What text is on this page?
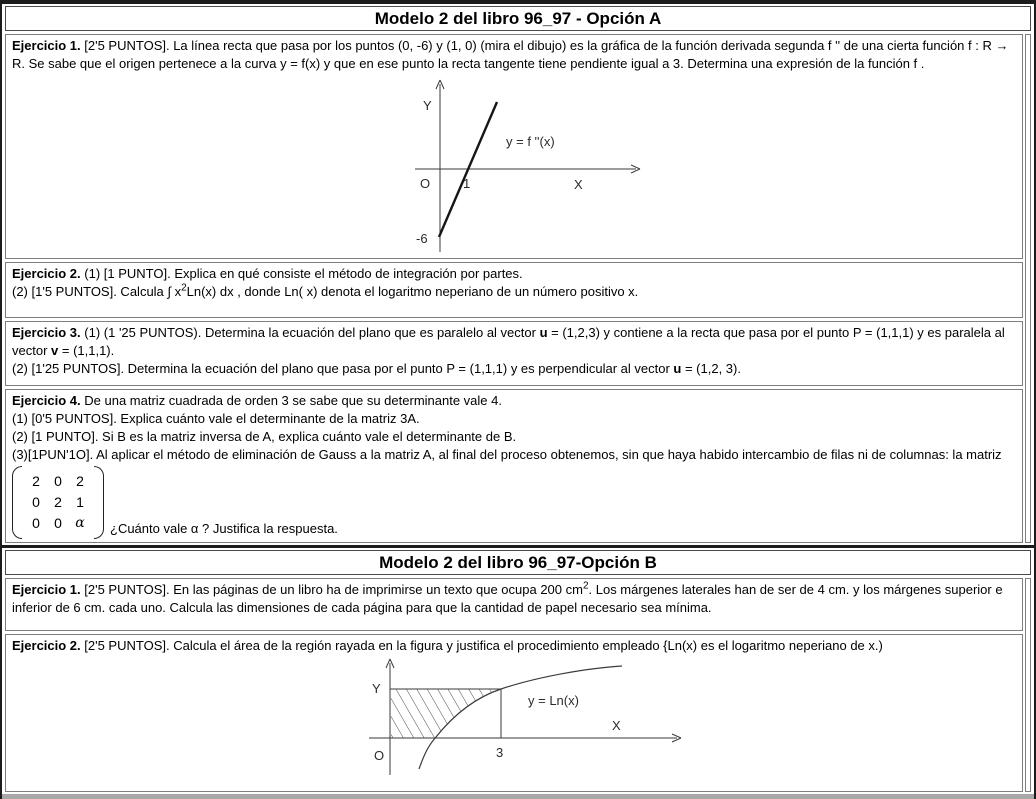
Modelo 2 del libro 96_97 - Opción A

Ejercicio 1. [2'5 PUNTOS]. La línea recta que pasa por los puntos (0, -6) y (1, 0) (mira el dibujo) es la gráfica de la función derivada segunda f '' de una cierta función f : R → R. Se sabe que el origen pertenece a la curva y = f(x) y que en ese punto la recta tangente tiene pendiente igual a 3. Determina una expresión de la función f .

Y
O	1	X
-6
y = f ''(x)

Ejercicio 2. (1) [1 PUNTO]. Explica en qué consiste el método de integración por partes.

(2) [1'5 PUNTOS]. Calcula ∫ $x^2Ln(x)$ dx , donde Ln( x) denota el logaritmo neperiano de un número positivo x.

Ejercicio 3. (1) (1 '25 PUNTOS). Determina la ecuación del plano que es paralelo al vector u = (1,2,3) y contiene a la recta que pasa por el punto P = (1,1,1) y es paralela al vector v = (1,1,1).

(2) [1'25 PUNTOS]. Determina la ecuación del plano que pasa por el punto P = (1,1,1) y es perpendicular al vector u = (1,2, 3).

Ejercicio 4. De una matriz cuadrada de orden 3 se sabe que su determinante vale 4.

(1) [0'5 PUNTOS]. Explica cuánto vale el determinante de la matriz 3A.

(2) [1 PUNTO]. Si B es la matriz inversa de A, explica cuánto vale el determinante de B.

(3)[1PUN'1O]. Al aplicar el método de eliminación de Gauss a la matriz A, al final del proceso obtenemos, sin que haya habido intercambio de filas ni de columnas: la matriz

2	0	2
0	2	1
0	0 α	¿Cuánto vale α ? Justifica la respuesta.
Modelo 2 del libro 96_97-Opción B

Ejercicio 1. [2'5 PUNTOS]. En las páginas de un libro ha de imprimirse un texto que ocupa 200 $cm^2$. Los márgenes laterales han de ser de 4 cm. y los márgenes superior e inferior de 6 cm. cada uno. Calcula las dimensiones de cada página para que la cantidad de papel necesario sea mínima.

Ejercicio 2. [2'5 PUNTOS]. Calcula el área de la región rayada en la figura y justifica el procedimiento empleado {Ln(x) es el logaritmo neperiano de x.)

Y
O	3
X
y = Ln(x)
